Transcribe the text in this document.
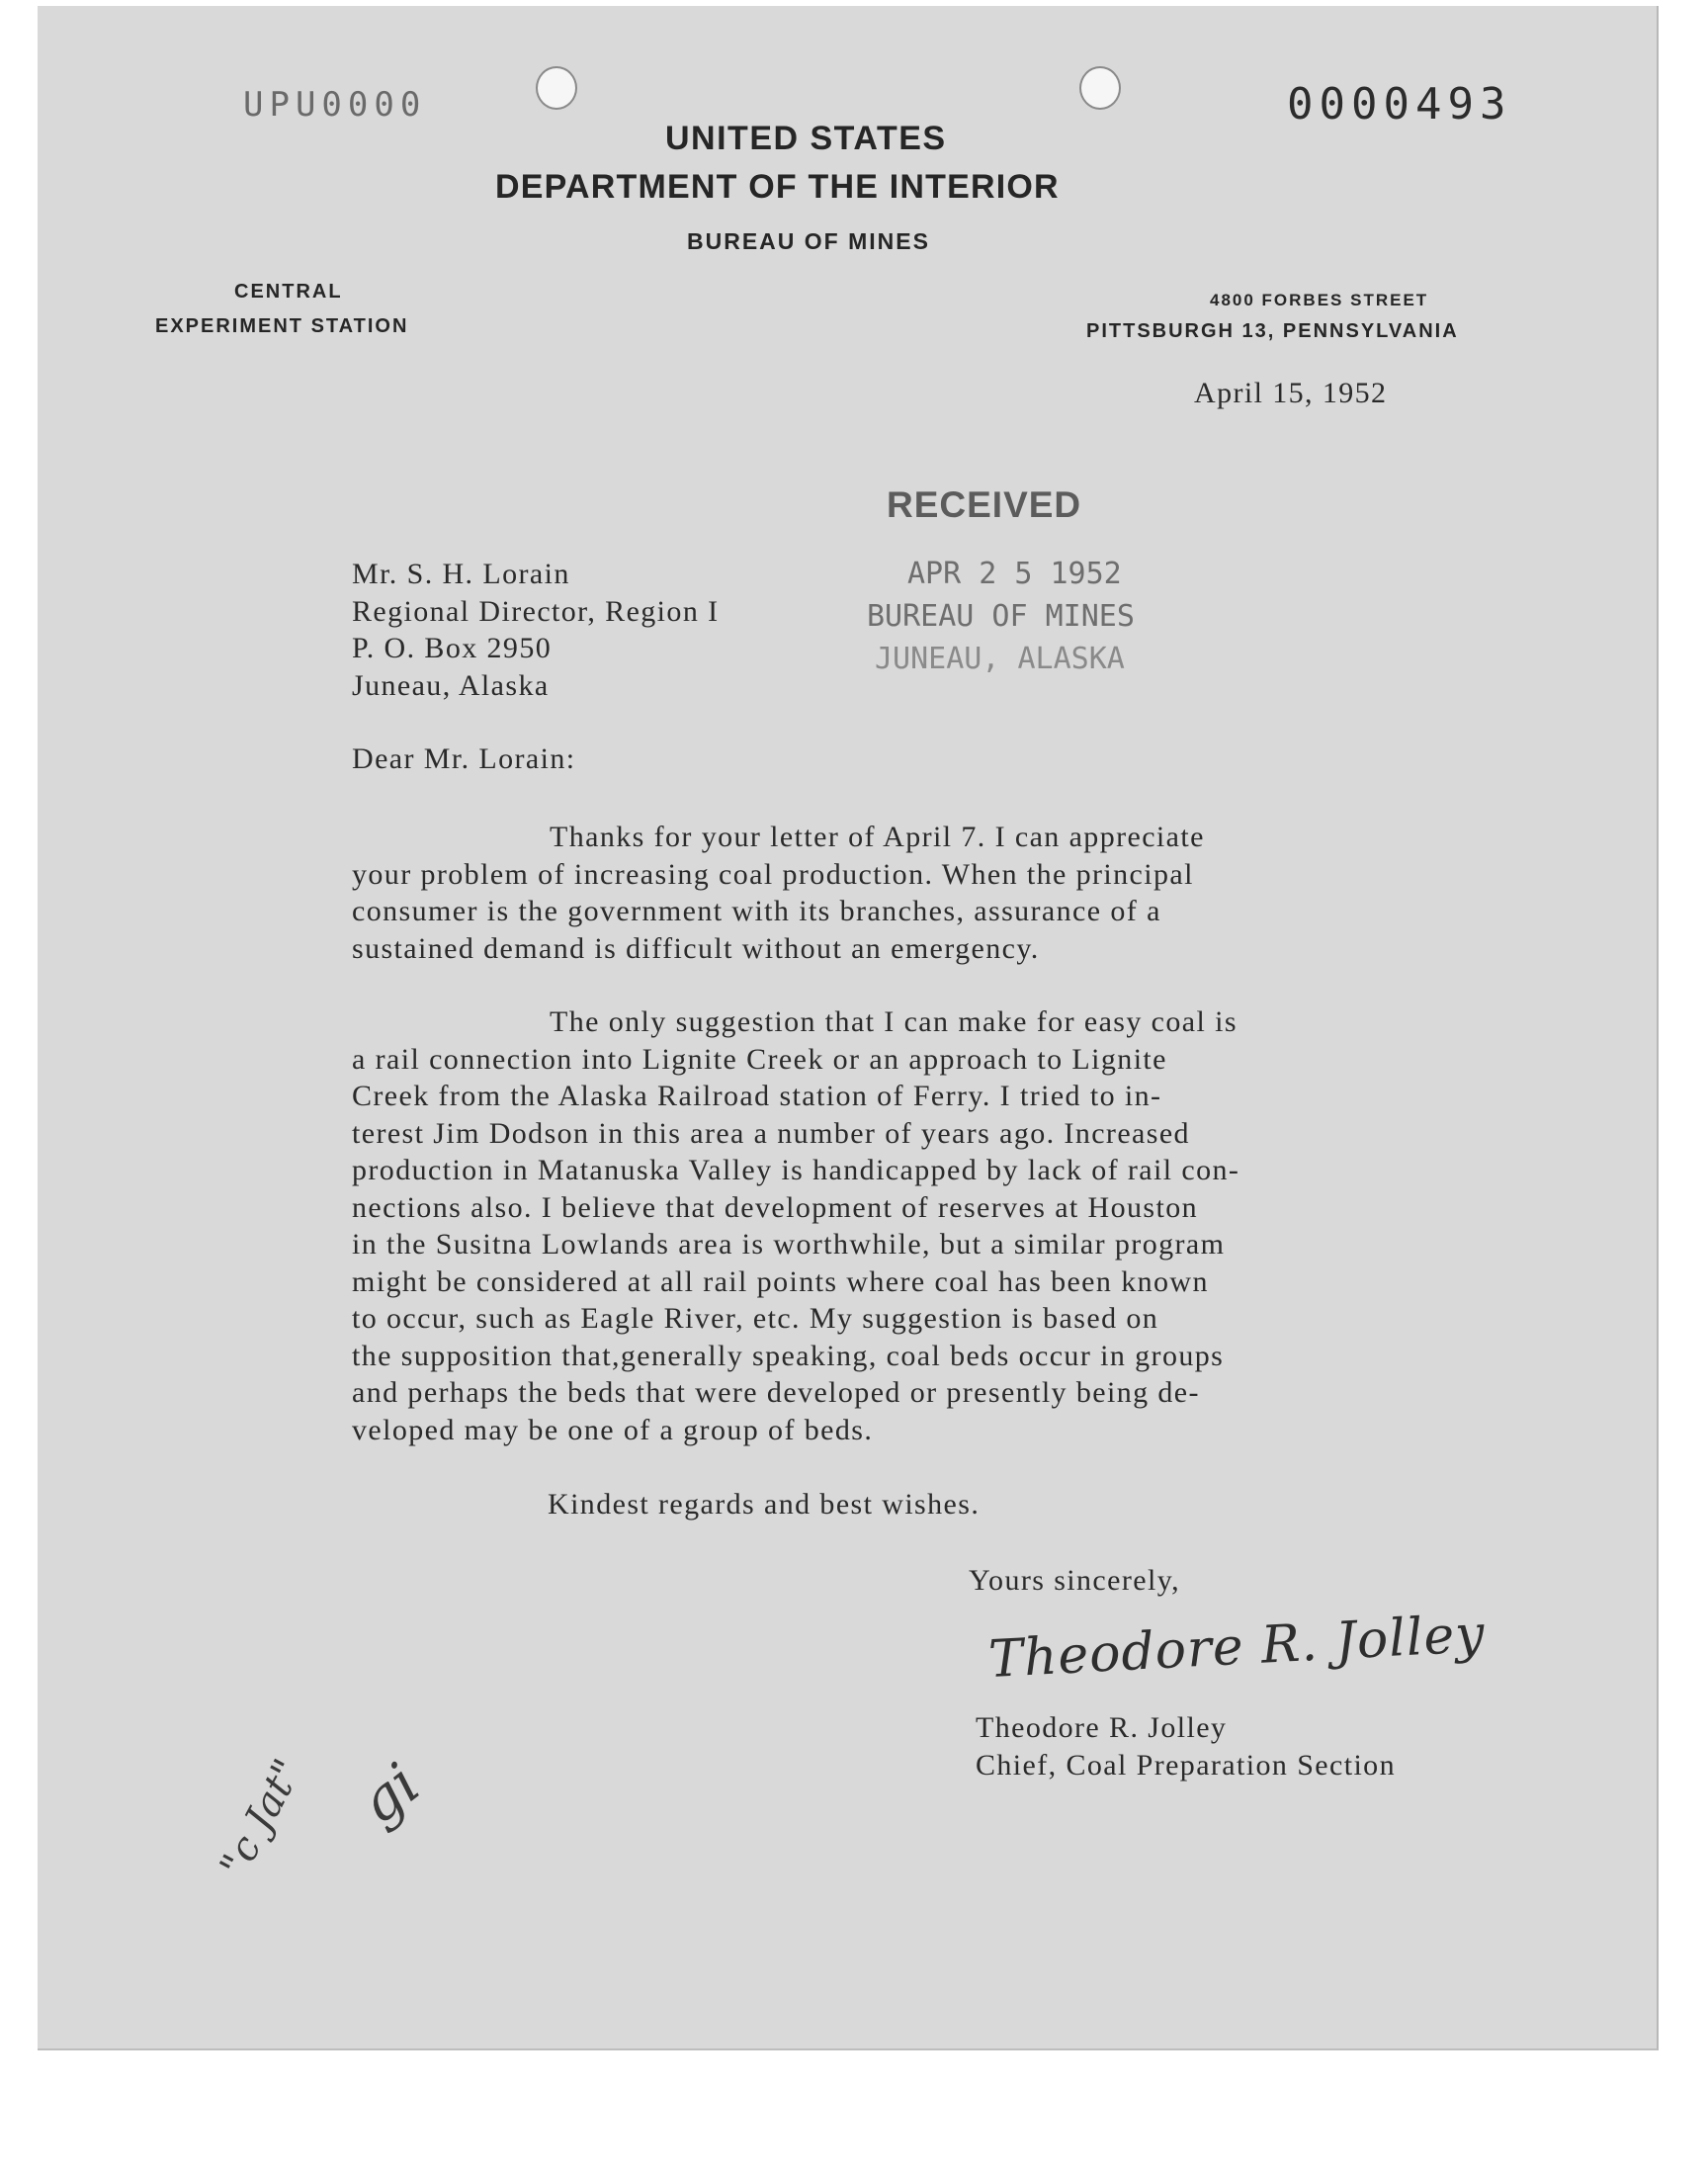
UPU0000	0000493
UNITED STATES
DEPARTMENT OF THE INTERIOR
BUREAU OF MINES
CENTRAL
EXPERIMENT STATION
4800 FORBES STREET
PITTSBURGH 13, PENNSYLVANIA
April 15, 1952
RECEIVED
APR 2 5 1952
BUREAU OF MINES
JUNEAU, ALASKA

Mr. S. H. Lorain

Regional Director, Region I

P. O. Box 2950

Juneau, Alaska

Dear Mr. Lorain:

Thanks for your letter of April 7. I can appreciate

your problem of increasing coal production. When the principal

consumer is the government with its branches, assurance of a

sustained demand is difficult without an emergency.

The only suggestion that I can make for easy coal is

a rail connection into Lignite Creek or an approach to Lignite

Creek from the Alaska Railroad station of Ferry. I tried to in-

terest Jim Dodson in this area a number of years ago. Increased

production in Matanuska Valley is handicapped by lack of rail con-

nections also. I believe that development of reserves at Houston

in the Susitna Lowlands area is worthwhile, but a similar program

might be considered at all rail points where coal has been known

to occur, such as Eagle River, etc. My suggestion is based on

the supposition that,generally speaking, coal beds occur in groups

and perhaps the beds that were developed or presently being de-

veloped may be one of a group of beds.

Kindest regards and best wishes.
Yours sincerely,
Theodore R. Jolley
Theodore R. Jolley
Chief, Coal Preparation Section
gi
"c Jat"
